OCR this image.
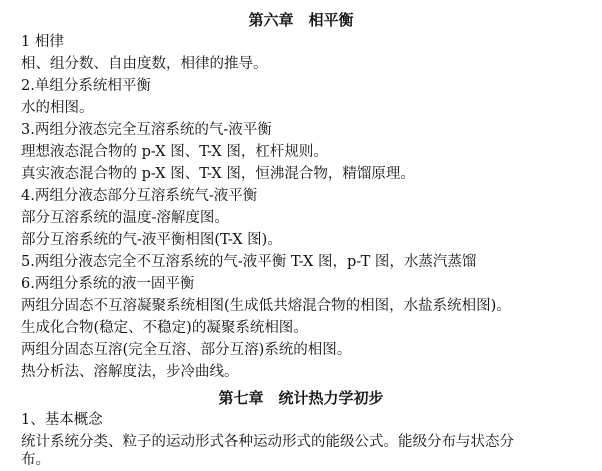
第六章　相平衡
1 相律
相、组分数、自由度数，相律的推导。
2.单组分系统相平衡
水的相图。
3.两组分液态完全互溶系统的气-液平衡
理想液态混合物的 p-X 图、T-X 图，杠杆规则。
真实液态混合物的 p-X 图、T-X 图，恒沸混合物，精馏原理。
4.两组分液态部分互溶系统气-液平衡
部分互溶系统的温度-溶解度图。
部分互溶系统的气-液平衡相图(T-X 图)。
5.两组分液态完全不互溶系统的气-液平衡 T-X 图，p-T 图，水蒸汽蒸馏
6.两组分系统的液一固平衡
两组分固态不互溶凝聚系统相图(生成低共熔混合物的相图，水盐系统相图)。
生成化合物(稳定、不稳定)的凝聚系统相图。
两组分固态互溶(完全互溶、部分互溶)系统的相图。
热分析法、溶解度法，步冷曲线。
第七章　统计热力学初步
1、基本概念
统计系统分类、粒子的运动形式各种运动形式的能级公式。能级分布与状态分
布。
